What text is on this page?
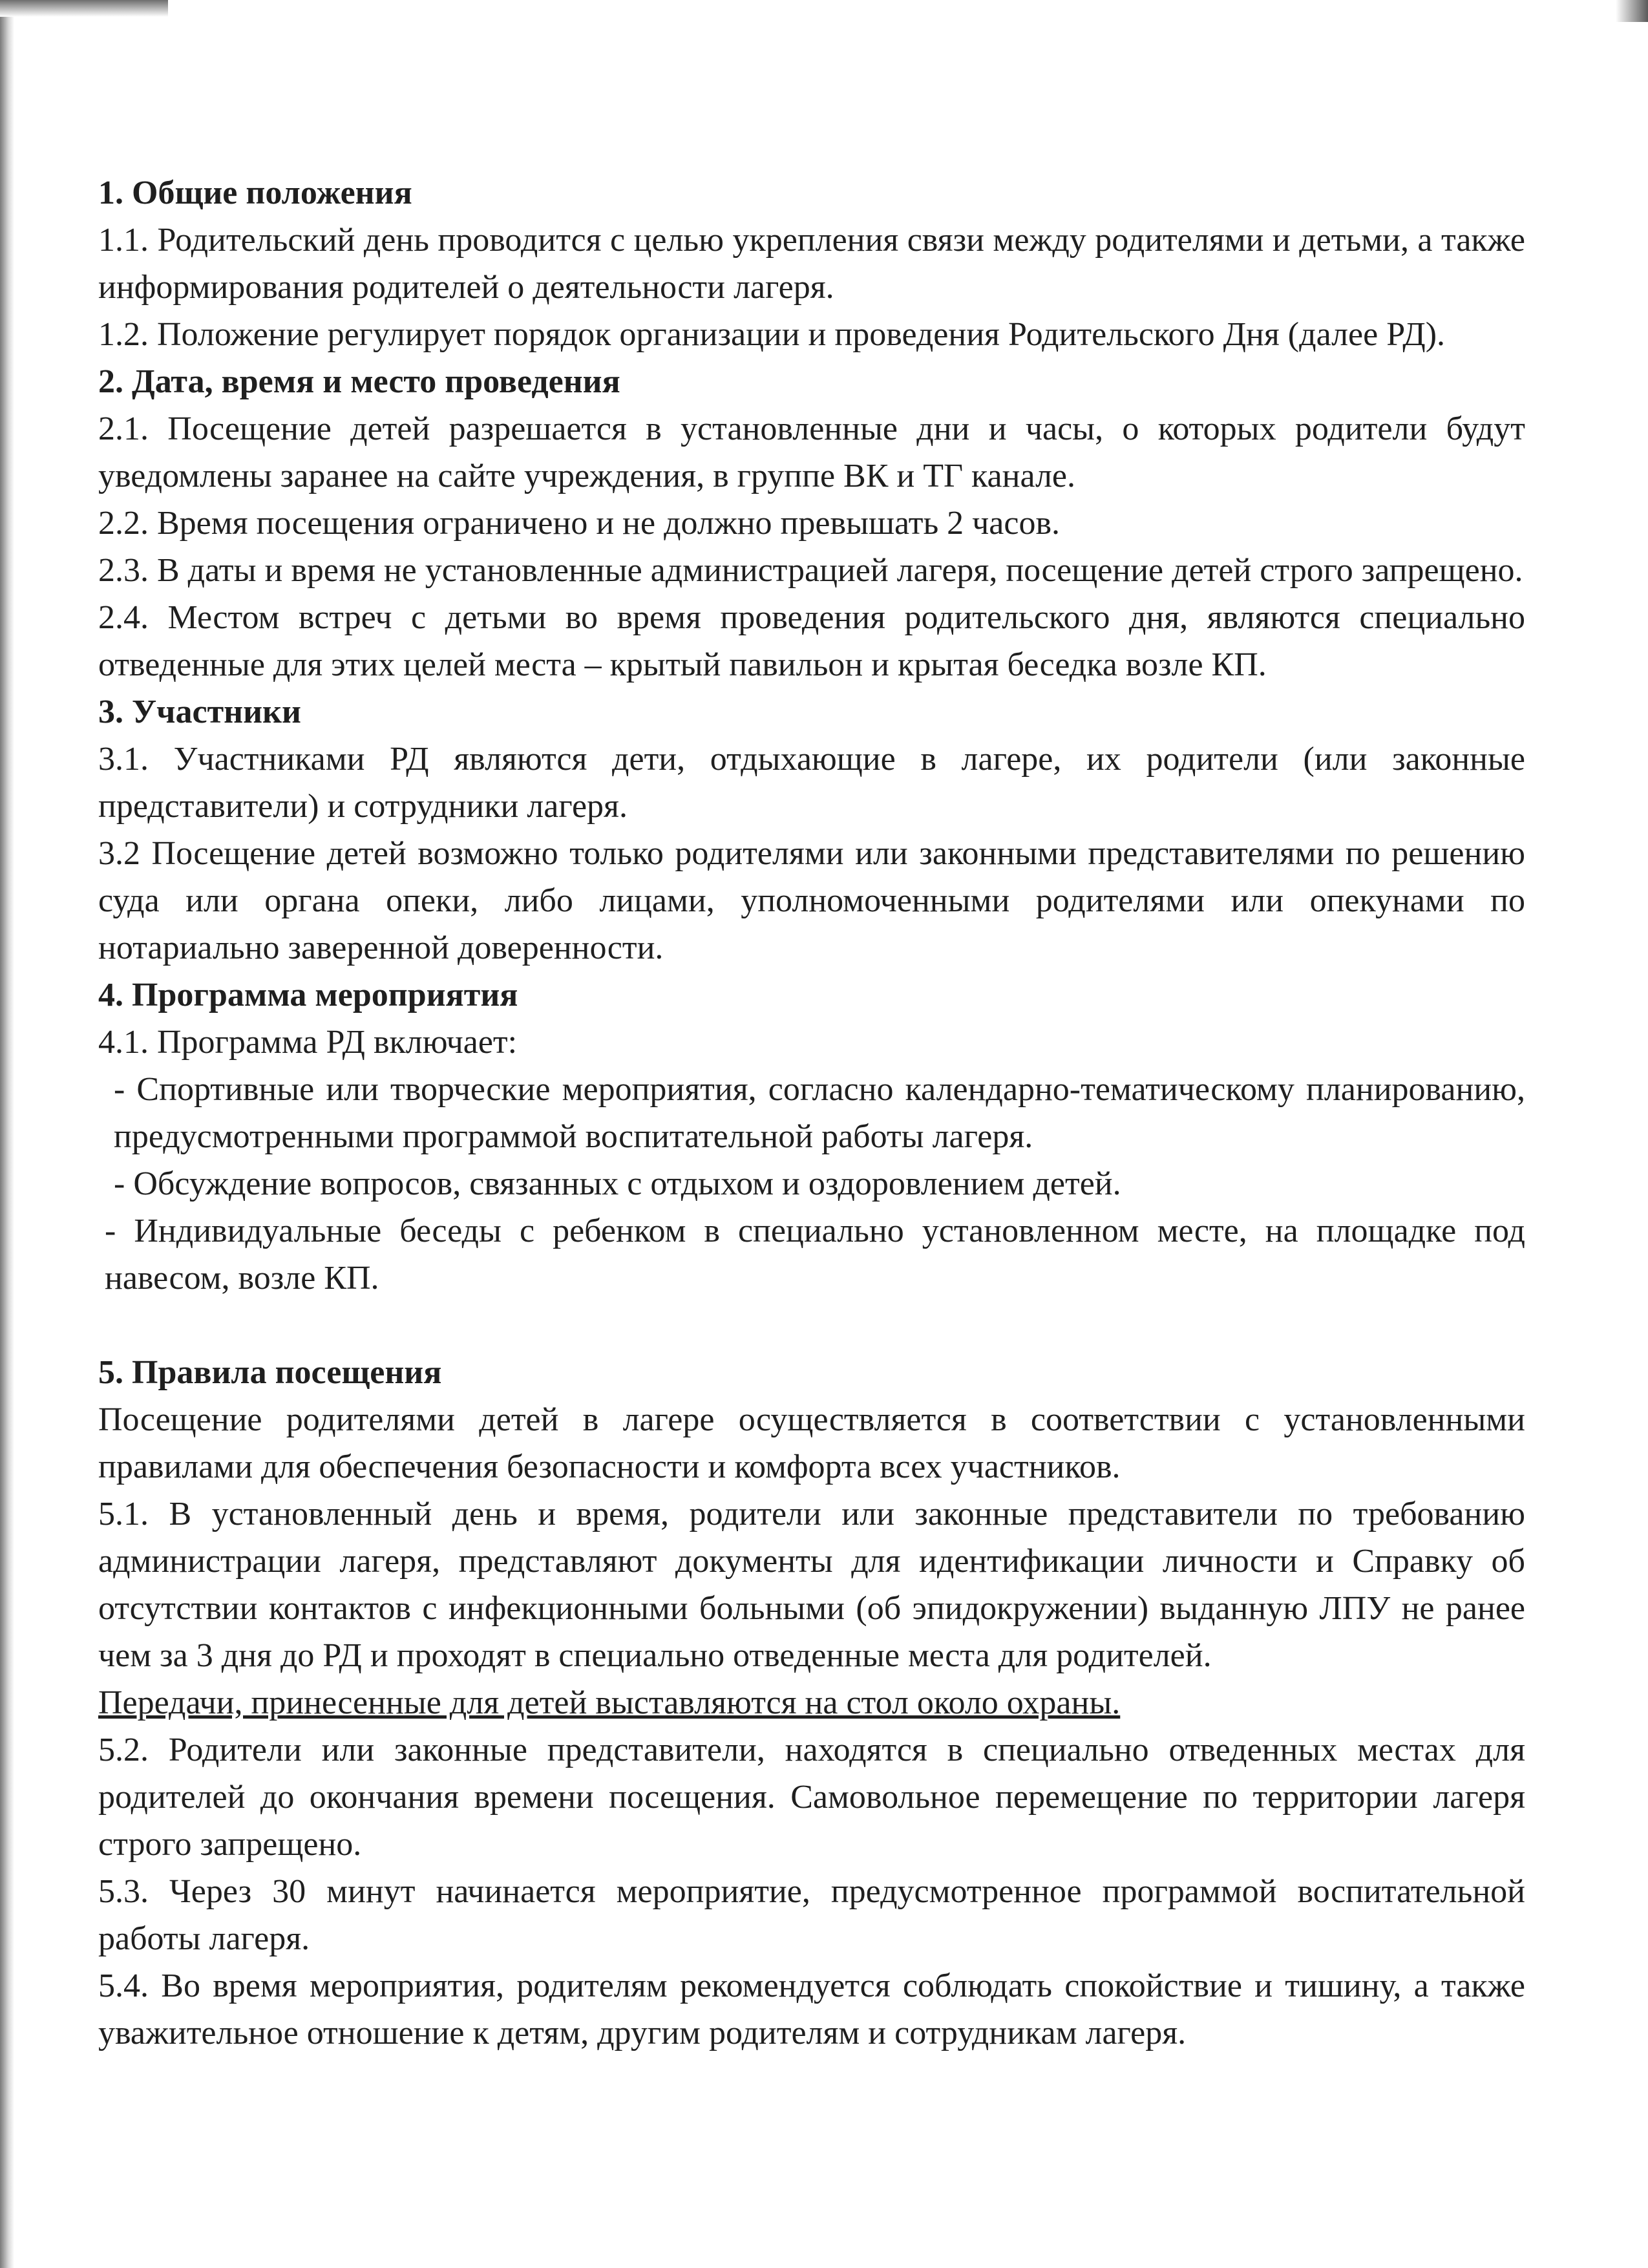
1. Общие положения

1.1. Родительский день проводится с целью укрепления связи между родителями и детьми, а также информирования родителей о деятельности лагеря.

1.2. Положение регулирует порядок организации и проведения Родительского Дня (далее РД).

2. Дата, время и место проведения

2.1. Посещение детей разрешается в установленные дни и часы, о которых родители будут уведомлены заранее на сайте учреждения, в группе ВК и ТГ канале.

2.2. Время посещения ограничено и не должно превышать 2 часов.

2.3. В даты и время не установленные администрацией лагеря, посещение детей строго запрещено.

2.4. Местом встреч с детьми во время проведения родительского дня, являются специально отведенные для этих целей места – крытый павильон и крытая беседка возле КП.

3. Участники

3.1. Участниками РД являются дети, отдыхающие в лагере, их родители (или законные представители) и сотрудники лагеря.

3.2 Посещение детей возможно только родителями или законными представителями по решению суда или органа опеки, либо лицами, уполномоченными родителями или опекунами по нотариально заверенной доверенности.

4. Программа мероприятия

4.1. Программа РД включает:

- Спортивные или творческие мероприятия, согласно календарно-тематическому планированию, предусмотренными программой воспитательной работы лагеря.

- Обсуждение вопросов, связанных с отдыхом и оздоровлением детей.

- Индивидуальные беседы с ребенком в специально установленном месте, на площадке под навесом, возле КП.

5. Правила посещения

Посещение родителями детей в лагере осуществляется в соответствии с установленными правилами для обеспечения безопасности и комфорта всех участников.

5.1. В установленный день и время, родители или законные представители по требованию администрации лагеря, представляют документы для идентификации личности и Справку об отсутствии контактов с инфекционными больными (об эпидокружении) выданную ЛПУ не ранее чем за 3 дня до РД и проходят в специально отведенные места для родителей.

Передачи, принесенные для детей выставляются на стол около охраны.

5.2. Родители или законные представители, находятся в специально отведенных местах для родителей до окончания времени посещения. Самовольное перемещение по территории лагеря строго запрещено.

5.3. Через 30 минут начинается мероприятие, предусмотренное программой воспитательной работы лагеря.

5.4. Во время мероприятия, родителям рекомендуется соблюдать спокойствие и тишину, а также уважительное отношение к детям, другим родителям и сотрудникам лагеря.
